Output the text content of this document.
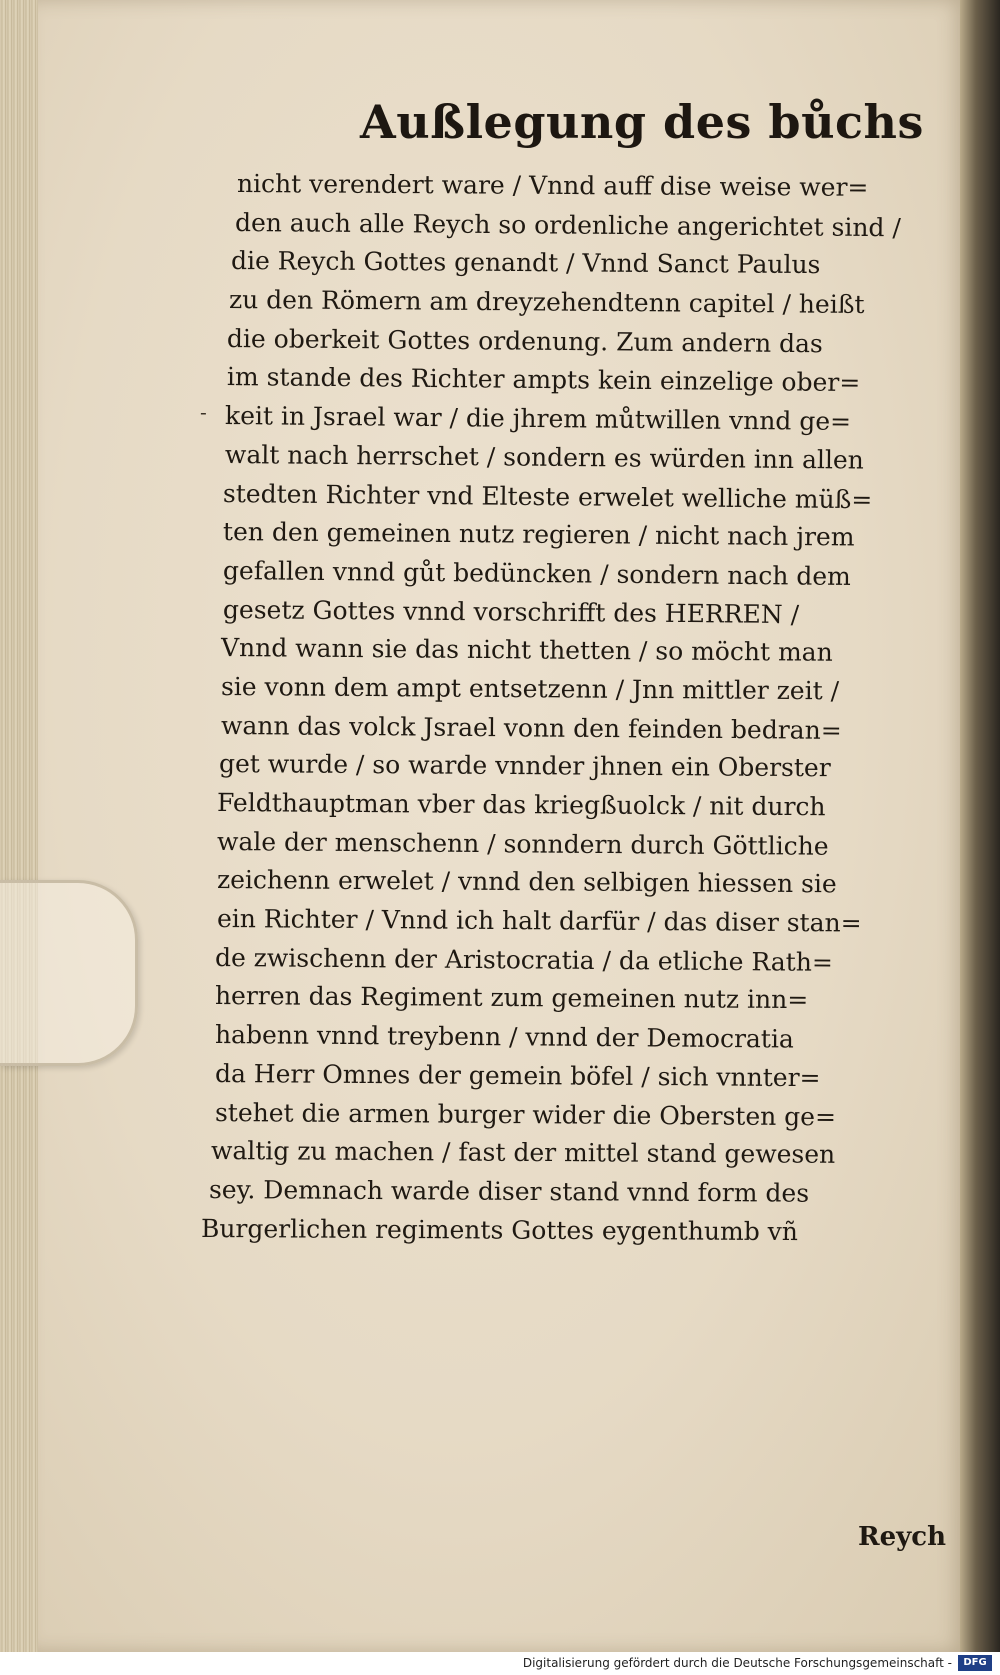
Außlegung des bůchs
-
nicht verendert ware / Vnnd auff dise weise wer=
den auch alle Reych so ordenliche angerichtet sind /
die Reych Gottes genandt / Vnnd Sanct Paulus
zu den Römern am dreyzehendtenn capitel / heißt
die oberkeit Gottes ordenung. Zum andern das
im stande des Richter ampts kein einzelige ober=
keit in Jsrael war / die jhrem můtwillen vnnd ge=
walt nach herrschet / sondern es würden inn allen
stedten Richter vnd Elteste erwelet welliche müß=
ten den gemeinen nutz regieren / nicht nach jrem
gefallen vnnd gůt bedüncken / sondern nach dem
gesetz Gottes vnnd vorschrifft des HERREN /
Vnnd wann sie das nicht thetten / so möcht man
sie vonn dem ampt entsetzenn / Jnn mittler zeit /
wann das volck Jsrael vonn den feinden bedran=
get wurde / so warde vnnder jhnen ein Oberster
Feldthauptman vber das kriegßuolck / nit durch
wale der menschenn / sonndern durch Göttliche
zeichenn erwelet / vnnd den selbigen hiessen sie
ein Richter / Vnnd ich halt darfür / das diser stan=
de zwischenn der Aristocratia / da etliche Rath=
herren das Regiment zum gemeinen nutz inn=
habenn vnnd treybenn / vnnd der Democratia
da Herr Omnes der gemein böfel / sich vnnter=
stehet die armen burger wider die Obersten ge=
waltig zu machen / fast der mittel stand gewesen
sey. Demnach warde diser stand vnnd form des
Burgerlichen regiments Gottes eygenthumb vñ
Reych
Digitalisierung gefördert durch die Deutsche Forschungsgemeinschaft -	DFG
